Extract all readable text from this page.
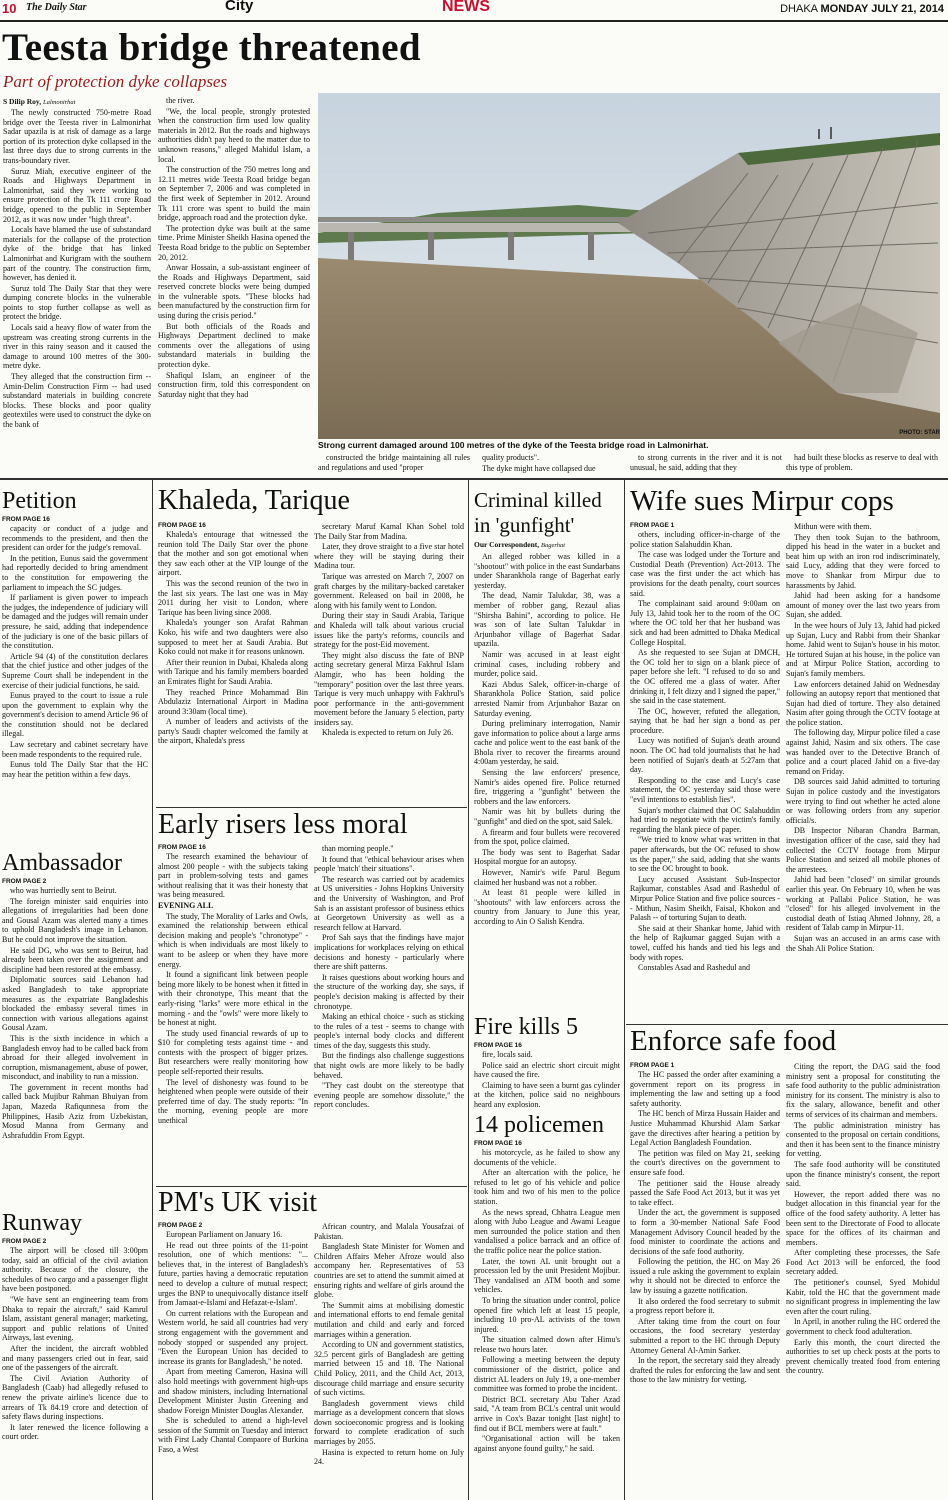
10 The Daily Star	City	NEWS	DHAKA MONDAY JULY 21, 2014
Teesta bridge threatened
Part of protection dyke collapses
S Dilip Roy, Lalmonirhat

The newly constructed 750-metre Road bridge over the Teesta river in Lalmonirhat Sadar upazila is at risk of damage as a large portion of its protection dyke collapsed in the last three days due to strong currents in the trans-boundary river.

Suruz Miah, executive engineer of the Roads and Highways Department in Lalmonirhat, said they were working to ensure protection of the Tk 111 crore Road bridge, opened to the public in September 2012, as it was now under "high threat".

Locals have blamed the use of substandard materials for the collapse of the protection dyke of the bridge that has linked Lalmonirhat and Kurigram with the southern part of the country. The construction firm, however, has denied it.

Suruz told The Daily Star that they were dumping concrete blocks in the vulnerable points to stop further collapse as well as protect the bridge.

Locals said a heavy flow of water from the upstream was creating strong currents in the river in this rainy season and it caused the damage to around 100 metres of the 300-metre dyke.

They alleged that the construction firm -- Amin-Delim Construction Firm -- had used substandard materials in building concrete blocks. These blocks and poor quality geotextiles were used to construct the dyke on the bank of

the river.

"We, the local people, strongly protested when the construction firm used low quality materials in 2012. But the roads and highways authorities didn't pay heed to the matter due to unknown reasons," alleged Mahidul Islam, a local.

The construction of the 750 metres long and 12.11 metres wide Teesta Road bridge began on September 7, 2006 and was completed in the first week of September in 2012. Around Tk 111 crore was spent to build the main bridge, approach road and the protection dyke.

The protection dyke was built at the same time. Prime Minister Sheikh Hasina opened the Teesta Road bridge to the public on September 20, 2012.

Anwar Hossain, a sub-assistant engineer of the Roads and Highways Department, said reserved concrete blocks were being dumped in the vulnerable spots. "These blocks had been manufactured by the construction firm for using during the crisis period."

But both officials of the Roads and Highways Department declined to make comments over the allegations of using substandard materials in building the protection dyke.

Shafiqul Islam, an engineer of the construction firm, told this correspondent on Saturday night that they had

PHOTO: STAR
Strong current damaged around 100 metres of the dyke of the Teesta bridge road in Lalmonirhat.

constructed the bridge maintaining all rules and regulations and used "proper

quality products".

The dyke might have collapsed due

to strong currents in the river and it is not unusual, he said, adding that they

had built these blocks as reserve to deal with this type of problem.

Petition
FROM PAGE 16

capacity or conduct of a judge and recommends to the president, and then the president can order for the judge's removal.

In the petition, Eunus said the government had reportedly decided to bring amendment to the constitution for empowering the parliament to impeach the SC judges.

If parliament is given power to impeach the judges, the independence of judiciary will be damaged and the judges will remain under pressure, he said, adding that independence of the judiciary is one of the basic pillars of the constitution.

Article 94 (4) of the constitution declares that the chief justice and other judges of the Supreme Court shall be independent in the exercise of their judicial functions, he said.

Eunus prayed to the court to issue a rule upon the government to explain why the government's decision to amend Article 96 of the constitution should not be declared illegal.

Law secretary and cabinet secretary have been made respondents to the required rule.

Eunus told The Daily Star that the HC may hear the petition within a few days.

Ambassador
FROM PAGE 2

who was hurriedly sent to Beirut.

The foreign minister said enquiries into allegations of irregularities had been done and Gousal Azam was alerted many a times to uphold Bangladesh's image in Lebanon. But he could not improve the situation.

He said DG, who was sent to Beirut, had already been taken over the assignment and discipline had been restored at the embassy.

Diplomatic sources said Lebanon had asked Bangladesh to take appropriate measures as the expatriate Bangladeshis blockaded the embassy several times in connection with various allegations against Gousal Azam.

This is the sixth incidence in which a Bangladesh envoy had to be called back from abroad for their alleged involvement in corruption, mismanagement, abuse of power, misconduct, and inability to run a mission.

The government in recent months had called back Mujibur Rahman Bhuiyan from Japan, Mazeda Rafiqunnesa from the Philippines, Hasib Aziz from Uzbekistan, Mosud Manna from Germany and Ashrafuddin From Egypt.

Runway
FROM PAGE 2

The airport will be closed till 3:00pm today, said an official of the civil aviation authority. Because of the closure, the schedules of two cargo and a passenger flight have been postponed.

"We have sent an engineering team from Dhaka to repair the aircraft," said Kamrul Islam, assistant general manager; marketing, support and public relations of United Airways, last evening.

After the incident, the aircraft wobbled and many passengers cried out in fear, said one of the passengers of the aircraft.

The Civil Aviation Authority of Bangladesh (Caab) had allegedly refused to renew the private airline's licence due to arrears of Tk 84.19 crore and detection of safety flaws during inspections.

It later renewed the licence following a court order.

Khaleda, Tarique
FROM PAGE 16

Khaleda's entourage that witnessed the reunion told The Daily Star over the phone that the mother and son got emotional when they saw each other at the VIP lounge of the airport.

This was the second reunion of the two in the last six years. The last one was in May 2011 during her visit to London, where Tarique has been living since 2008.

Khaleda's younger son Arafat Rahman Koko, his wife and two daughters were also supposed to meet her at Saudi Arabia. But Koko could not make it for reasons unknown.

After their reunion in Dubai, Khaleda along with Tarique and his family members boarded an Emirates flight for Saudi Arabia.

They reached Prince Mohammad Bin Abdulaziz International Airport in Madina around 3:30am (local time).

A number of leaders and activists of the party's Saudi chapter welcomed the family at the airport, Khaleda's press

secretary Maruf Kamal Khan Sohel told The Daily Star from Madina.

Later, they drove straight to a five star hotel where they will be staying during their Madina tour.

Tarique was arrested on March 7, 2007 on graft charges by the military-backed caretaker government. Released on bail in 2008, he along with his family went to London.

During their stay in Saudi Arabia, Tarique and Khaleda will talk about various crucial issues like the party's reforms, councils and strategy for the post-Eid movement.

They might also discuss the fate of BNP acting secretary general Mirza Fakhrul Islam Alamgir, who has been holding the "temporary" position over the last three years. Tarique is very much unhappy with Fakhrul's poor performance in the anti-government movement before the January 5 election, party insiders say.

Khaleda is expected to return on July 26.

Early risers less moral
FROM PAGE 16

The research examined the behaviour of almost 200 people - with the subjects taking part in problem-solving tests and games without realising that it was their honesty that was being measured.

EVENING ALL

The study, The Morality of Larks and Owls, examined the relationship between ethical decision making and people's "chronotype" - which is when individuals are most likely to want to be asleep or when they have more energy.

It found a significant link between people being more likely to be honest when it fitted in with their chronotype, This meant that the early-rising "larks" were more ethical in the morning - and the "owls" were more likely to be honest at night.

The study used financial rewards of up to $10 for completing tests against time - and contests with the prospect of bigger prizes. But researchers were really monitoring how people self-reported their results.

The level of dishonesty was found to be heightened when people were outside of their preferred time of day. The study reports: "In the morning, evening people are more unethical

than morning people."

It found that "ethical behaviour arises when people 'match' their situations".

The research was carried out by academics at US universities - Johns Hopkins University and the University of Washington, and Prof Sah is an assistant professor of business ethics at Georgetown University as well as a research fellow at Harvard.

Prof Sah says that the findings have major implications for workplaces relying on ethical decisions and honesty - particularly where there are shift patterns.

It raises questions about working hours and the structure of the working day, she says, if people's decision making is affected by their chronotype.

Making an ethical choice - such as sticking to the rules of a test - seems to change with people's internal body clocks and different times of the day, suggests this study.

But the findings also challenge suggestions that night owls are more likely to be badly behaved.

"They cast doubt on the stereotype that evening people are somehow dissolute," the report concludes.

PM's UK visit
FROM PAGE 2

European Parliament on January 16.

He read out three points of the 11-point resolution, one of which mentions: "... believes that, in the interest of Bangladesh's future, parties having a democratic reputation need to develop a culture of mutual respect; urges the BNP to unequivocally distance itself from Jamaat-e-Islami and Hefazat-e-Islam'.

On current relations with the European and Western world, he said all countries had very strong engagement with the government and nobody stopped or suspended any project. "Even the European Union has decided to increase its grants for Bangladesh," he noted.

Apart from meeting Cameron, Hasina will also hold meetings with government high-ups and shadow ministers, including International Development Minister Justin Greening and shadow Foreign Minister Douglas Alexander.

She is scheduled to attend a high-level session of the Summit on Tuesday and interact with First Lady Chantal Compaore of Burkina Faso, a West

African country, and Malala Yousafzai of Pakistan.

Bangladesh State Minister for Women and Children Affairs Meher Afroze would also accompany her. Representatives of 53 countries are set to attend the summit aimed at ensuring rights and welfare of girls around the globe.

The Summit aims at mobilising domestic and international efforts to end female genital mutilation and child and early and forced marriages within a generation.

According to UN and government statistics, 32.5 percent girls of Bangladesh are getting married between 15 and 18. The National Child Policy, 2011, and the Child Act, 2013, discourage child marriage and ensure security of such victims.

Bangladesh government views child marriage as a development concern that slows down socioeconomic progress and is looking forward to complete eradication of such marriages by 2055.

Hasina is expected to return home on July 24.

Criminal killed in 'gunfight'
Our Correspondent, Bagerhat

An alleged robber was killed in a "shootout" with police in the east Sundarbans under Sharankhola range of Bagerhat early yesterday.

The dead, Namir Talukdar, 38, was a member of robber gang, Rezaul alias "Shirsha Bahini", according to police. He was son of late Sultan Talukdar in Arjunbahor village of Bagerhat Sadar upazila.

Namir was accused in at least eight criminal cases, including robbery and murder, police said.

Kazi Abdus Salek, officer-in-charge of Sharankhola Police Station, said police arrested Namir from Arjunbahor Bazar on Saturday evening.

During preliminary interrogation, Namir gave information to police about a large arms cache and police went to the east bank of the Bhola river to recover the firearms around 4:00am yesterday, he said.

Sensing the law enforcers' presence, Namir's aides opened fire. Police returned fire, triggering a "gunfight" between the robbers and the law enforcers.

Namir was hit by bullets during the "gunfight" and died on the spot, said Salek.

A firearm and four bullets were recovered from the spot, police claimed.

The body was sent to Bagerhat Sadar Hospital morgue for an autopsy.

However, Namir's wife Parul Begum claimed her husband was not a robber.

At least 81 people were killed in "shootouts" with law enforcers across the country from January to June this year, according to Ain O Salish Kendra.

Fire kills 5
FROM PAGE 16

fire, locals said.

Police said an electric short circuit might have caused the fire.

Claiming to have seen a burnt gas cylinder at the kitchen, police said no neighbours heard any explosion.

14 policemen
FROM PAGE 16

his motorcycle, as he failed to show any documents of the vehicle.

After an altercation with the police, he refused to let go of his vehicle and police took him and two of his men to the police station.

As the news spread, Chhatra League men along with Jubo League and Awami League men surrounded the police station and then vandalised a police barrack and an office of the traffic police near the police station.

Later, the town AL unit brought out a procession led by the unit President Mojibur. They vandalised an ATM booth and some vehicles.

To bring the situation under control, police opened fire which left at least 15 people, including 10 pro-AL activists of the town injured.

The situation calmed down after Himu's release two hours later.

Following a meeting between the deputy commissioner of the district, police and district AL leaders on July 19, a one-member committee was formed to probe the incident.

District BCL secretary Abu Taher Azad said, "A team from BCL's central unit would arrive in Cox's Bazar tonight [last night] to find out if BCL members were at fault."

"Organisational action will be taken against anyone found guilty," he said.

Wife sues Mirpur cops
FROM PAGE 1

others, including officer-in-charge of the police station Salahuddin Khan.

The case was lodged under the Torture and Custodial Death (Prevention) Act-2013. The case was the first under the act which has provisions for the death penalty, court sources said.

The complainant said around 9:00am on July 13, Jahid took her to the room of the OC where the OC told her that her husband was sick and had been admitted to Dhaka Medical College Hospital.

As she requested to see Sujan at DMCH, the OC told her to sign on a blank piece of paper before she left. "I refused to do so and the OC offered me a glass of water. After drinking it, I felt dizzy and I signed the paper," she said in the case statement.

The OC, however, refuted the allegation, saying that he had her sign a bond as per procedure.

Lucy was notified of Sujan's death around noon. The OC had told journalists that he had been notified of Sujan's death at 5:27am that day.

Responding to the case and Lucy's case statement, the OC yesterday said those were "evil intentions to establish lies".

Sujan's mother claimed that OC Salahuddin had tried to negotiate with the victim's family regarding the blank piece of paper.

"We tried to know what was written in that paper afterwards, but the OC refused to show us the paper," she said, adding that she wants to see the OC brought to book.

Lucy accused Assistant Sub-Inspector Rajkumar, constables Asad and Rashedul of Mirpur Police Station and five police sources -- Mithun, Nasim Sheikh, Faisal, Khokon and Palash -- of torturing Sujan to death.

She said at their Shankar home, Jahid with the help of Rajkumar gagged Sujan with a towel, cuffed his hands and tied his legs and body with ropes.

Constables Asad and Rashedul and

Mithun were with them.

They then took Sujan to the bathroom, dipped his head in the water in a bucket and beat him up with an iron rod indiscriminately, said Lucy, adding that they were forced to move to Shankar from Mirpur due to harassments by Jahid.

Jahid had been asking for a handsome amount of money over the last two years from Sujan, she added.

In the wee hours of July 13, Jahid had picked up Sujan, Lucy and Rabbi from their Shankar home. Jahid went to Sujan's house in his motor. He tortured Sujan at his house, in the police van and at Mirpur Police Station, according to Sujan's family members.

Law enforcers detained Jahid on Wednesday following an autopsy report that mentioned that Sujan had died of torture. They also detained Nasim after going through the CCTV footage at the police station.

The following day, Mirpur police filed a case against Jahid, Nasim and six others. The case was handed over to the Detective Branch of police and a court placed Jahid on a five-day remand on Friday.

DB sources said Jahid admitted to torturing Sujan in police custody and the investigators were trying to find out whether he acted alone or was following orders from any superior official/s.

DB Inspector Nibaran Chandra Barman, investigation officer of the case, said they had collected the CCTV footage from Mirpur Police Station and seized all mobile phones of the arrestees.

Jahid had been "closed" on similar grounds earlier this year. On February 10, when he was working at Pallabi Police Station, he was "closed" for his alleged involvement in the custodial death of Istiaq Ahmed Johnny, 28, a resident of Talab camp in Mirpur-11.

Sujan was an accused in an arms case with the Shah Ali Police Station.

Enforce safe food
FROM PAGE 1

The HC passed the order after examining a government report on its progress in implementing the law and setting up a food safety authority.

The HC bench of Mirza Hussain Haider and Justice Muhammad Khurshid Alam Sarkar gave the directives after hearing a petition by Legal Action Bangladesh Foundation.

The petition was filed on May 21, seeking the court's directives on the government to ensure safe food.

The petitioner said the House already passed the Safe Food Act 2013, but it was yet to take effect.

Under the act, the government is supposed to form a 30-member National Safe Food Management Advisory Council headed by the food minister to coordinate the actions and decisions of the safe food authority.

Following the petition, the HC on May 26 issued a rule asking the government to explain why it should not be directed to enforce the law by issuing a gazette notification.

It also ordered the food secretary to submit a progress report before it.

After taking time from the court on four occasions, the food secretary yesterday submitted a report to the HC through Deputy Attorney General Al-Amin Sarker.

In the report, the secretary said they already drafted the rules for enforcing the law and sent those to the law ministry for vetting.

Citing the report, the DAG said the food ministry sent a proposal for constituting the safe food authority to the public administration ministry for its consent. The ministry is also to fix the salary, allowance, benefit and other terms of services of its chairman and members.

The public administration ministry has consented to the proposal on certain conditions, and then it has been sent to the finance ministry for vetting.

The safe food authority will be constituted upon the finance ministry's consent, the report said.

However, the report added there was no budget allocation in this financial year for the office of the food safety authority. A letter has been sent to the Directorate of Food to allocate space for the offices of its chairman and members.

After completing these processes, the Safe Food Act 2013 will be enforced, the food secretary added.

The petitioner's counsel, Syed Mohidul Kabir, told the HC that the government made no significant progress in implementing the law even after the court ruling.

In April, in another ruling the HC ordered the government to check food adulteration.

Early this month, the court directed the authorities to set up check posts at the ports to prevent chemically treated food from entering the country.
